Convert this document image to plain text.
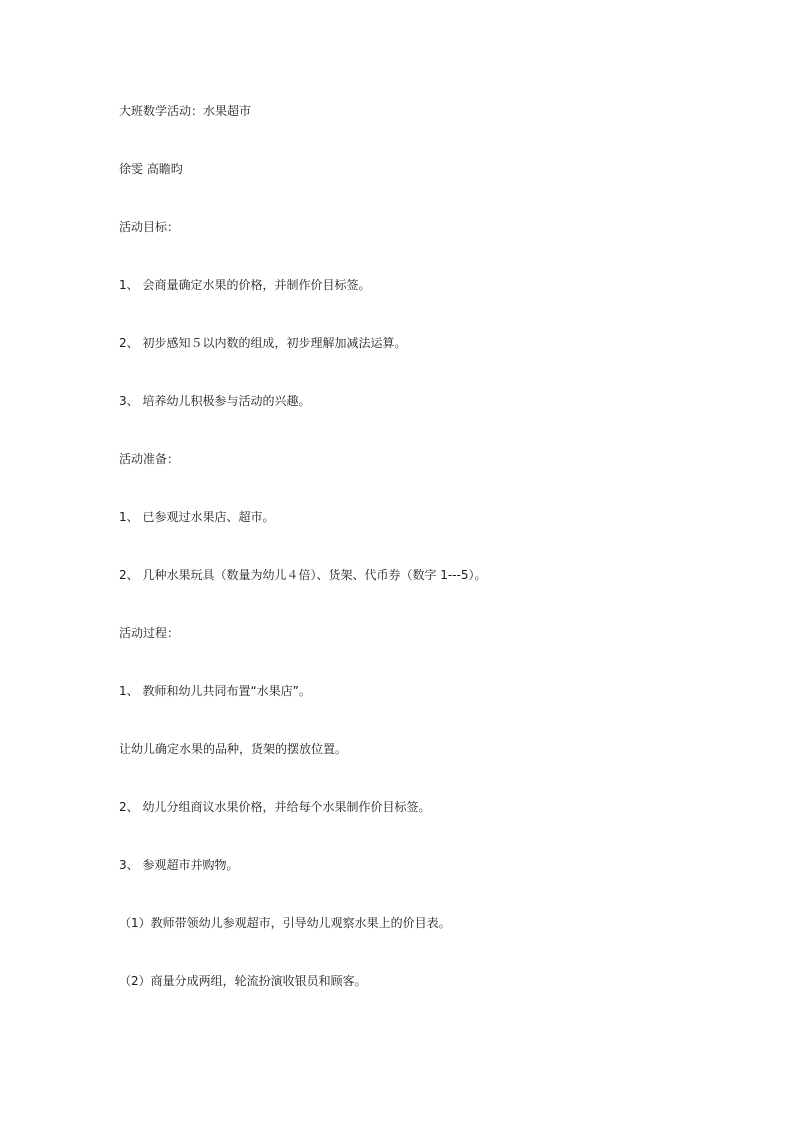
大班数学活动：水果超市

徐雯 高瞻昀

活动目标：

1、 会商量确定水果的价格，并制作价目标签。

2、 初步感知５以内数的组成，初步理解加减法运算。

3、 培养幼儿积极参与活动的兴趣。

活动准备：

1、 已参观过水果店、超市。

2、 几种水果玩具（数量为幼儿４倍）、货架、代币券（数字 1---5）。

活动过程：

1、 教师和幼儿共同布置“水果店”。

让幼儿确定水果的品种，货架的摆放位置。

2、 幼儿分组商议水果价格，并给每个水果制作价目标签。

3、 参观超市并购物。

（1）教师带领幼儿参观超市，引导幼儿观察水果上的价目表。

（2）商量分成两组，轮流扮演收银员和顾客。
